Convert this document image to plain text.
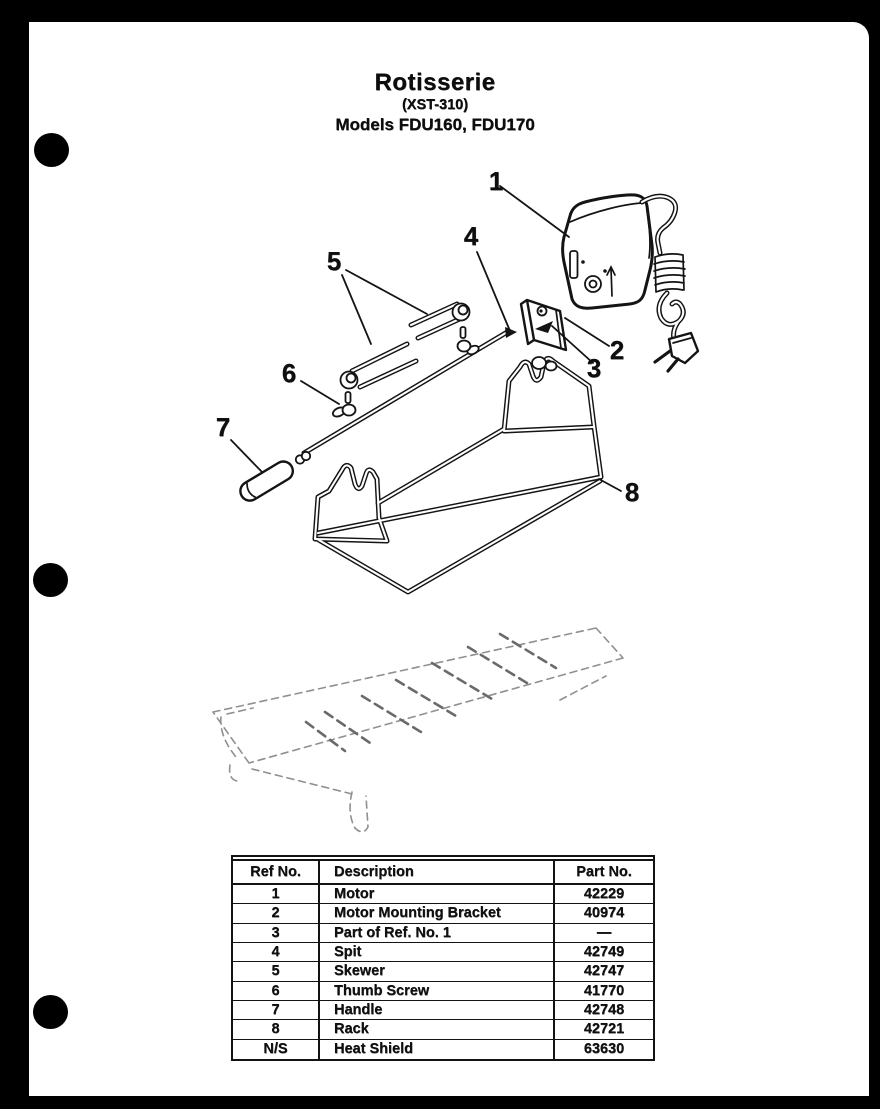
Rotisserie
(XST-310)
Models FDU160, FDU170
1
2
3
4
5
6
7
8
Ref No.	Description	Part No.
1	Motor	42229
2	Motor Mounting Bracket	40974
3	Part of Ref. No. 1	—
4	Spit	42749
5	Skewer	42747
6	Thumb Screw	41770
7	Handle	42748
8	Rack	42721
N/S	Heat Shield	63630
